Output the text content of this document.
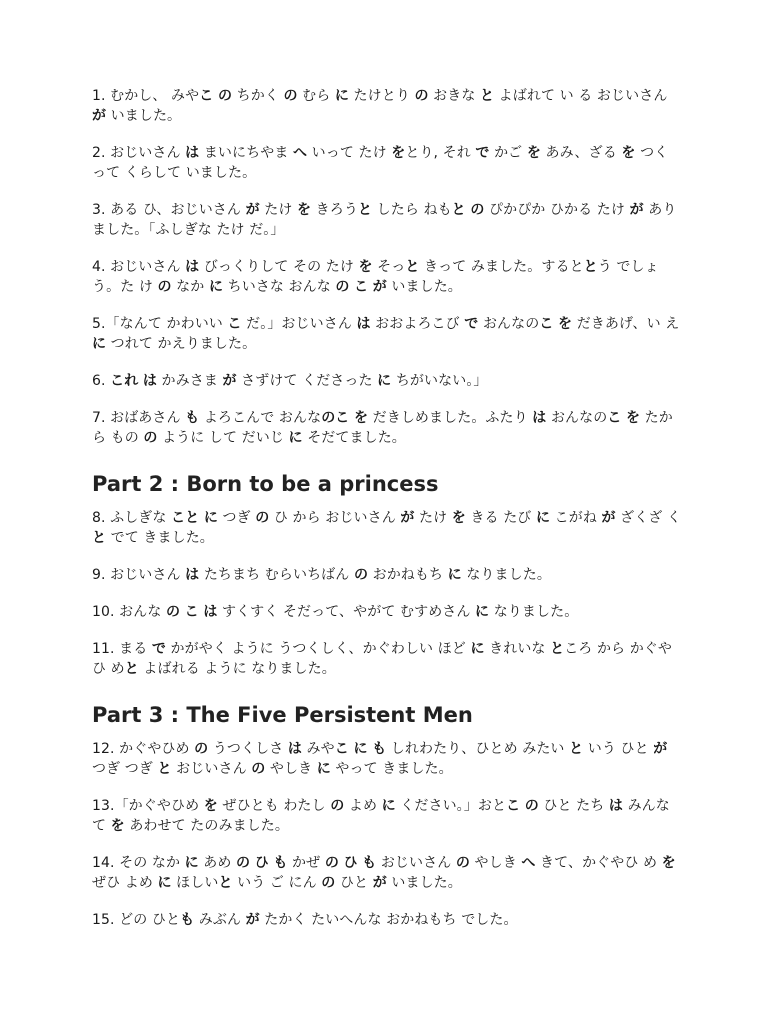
1. むかし、 みやこ の ちかく の むら に たけとり の おきな と よばれて い る おじいさん が いました。

2. おじいさん は まいにちやま へ いって たけ をとり, それ で かご を あみ、ざる を つくって くらして いました。

3. ある ひ、おじいさん が たけ を きろうと したら ねもと の ぴかぴか ひかる たけ が ありました。「ふしぎな たけ だ。」

4. おじいさん は びっくりして その たけ を そっと きって みました。するととう でしょう。た け の なか に ちいさな おんな の こ が いました。

5.「なんて かわいい こ だ。」おじいさん は おおよろこび で おんなのこ を だきあげ、い え に つれて かえりました。

6. これ は かみさま が さずけて くださった に ちがいない。」

7. おばあさん も よろこんで おんなのこ を だきしめました。ふたり は おんなのこ を たから もの の ように して だいじ に そだてました。

Part 2 : Born to be a princess

8. ふしぎな こと に つぎ の ひ から おじいさん が たけ を きる たび に こがね が ざくざ くと でて きました。

9. おじいさん は たちまち むらいちばん の おかねもち に なりました。

10. おんな の こ は すくすく そだって、やがて むすめさん に なりました。

11. まる で かがやく ように うつくしく、かぐわしい ほど に きれいな ところ から かぐやひ めと よばれる ように なりました。

Part 3 : The Five Persistent Men

12. かぐやひめ の うつくしさ は みやこ に も しれわたり、ひとめ みたい と いう ひと が つぎ つぎ と おじいさん の やしき に やって きました。

13.「かぐやひめ を ぜひとも わたし の よめ に ください。」おとこ の ひと たち は みんな て を あわせて たのみました。

14. その なか に あめ の ひ も かぜ の ひ も おじいさん の やしき へ きて、かぐやひ め を ぜひ よめ に ほしいと いう ご にん の ひと が いました。

15. どの ひとも みぶん が たかく たいへんな おかねもち でした。
